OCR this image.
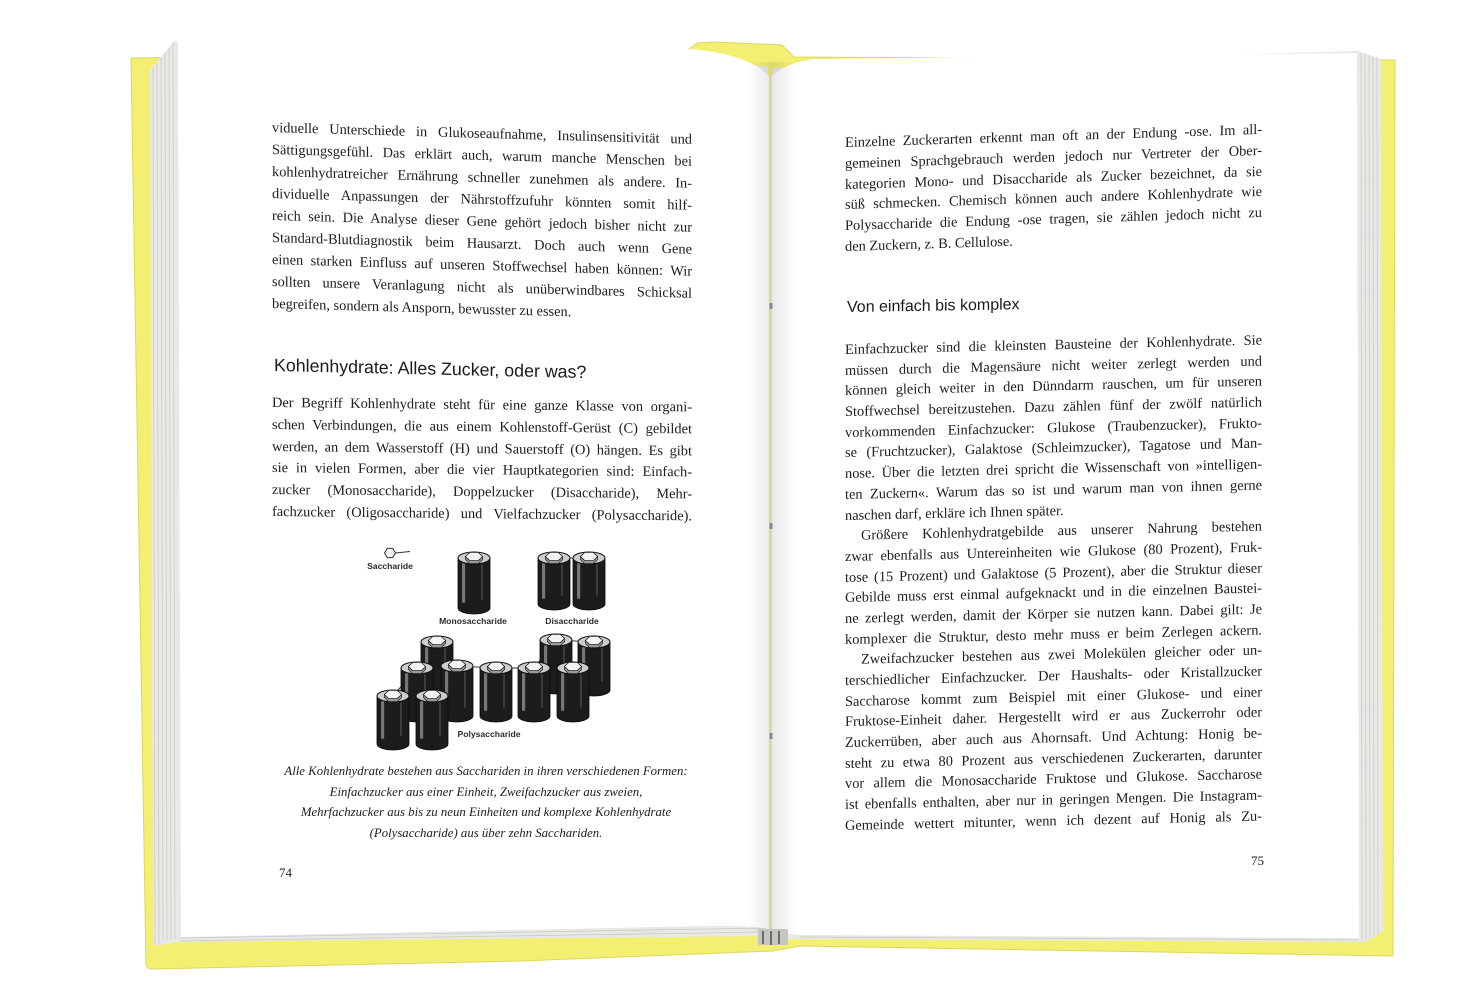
Saccharide
Monosaccharide	Disaccharide
Polysaccharide
viduelle Unterschiede in Glukoseaufnahme, Insulinsensitivität und
Sättigungsgefühl. Das erklärt auch, warum manche Menschen bei
kohlenhydratreicher Ernährung schneller zunehmen als andere. In-
dividuelle Anpassungen der Nährstoffzufuhr könnten somit hilf-
reich sein. Die Analyse dieser Gene gehört jedoch bisher nicht zur
Standard-Blutdiagnostik beim Hausarzt. Doch auch wenn Gene
einen starken Einfluss auf unseren Stoffwechsel haben können: Wir
sollten unsere Veranlagung nicht als unüberwindbares Schicksal
begreifen, sondern als Ansporn, bewusster zu essen.
Kohlenhydrate: Alles Zucker, oder was?
Der Begriff Kohlenhydrate steht für eine ganze Klasse von organi-
schen Verbindungen, die aus einem Kohlenstoff-Gerüst (C) gebildet
werden, an dem Wasserstoff (H) und Sauerstoff (O) hängen. Es gibt
sie in vielen Formen, aber die vier Hauptkategorien sind: Einfach-
zucker (Monosaccharide), Doppelzucker (Disaccharide), Mehr-
fachzucker (Oligosaccharide) und Vielfachzucker (Polysaccharide).
Alle Kohlenhydrate bestehen aus Sacchariden in ihren verschiedenen Formen:
Einfachzucker aus einer Einheit, Zweifachzucker aus zweien,
Mehrfachzucker aus bis zu neun Einheiten und komplexe Kohlenhydrate
(Polysaccharide) aus über zehn Sacchariden.
74
Einzelne Zuckerarten erkennt man oft an der Endung -ose. Im all-
gemeinen Sprachgebrauch werden jedoch nur Vertreter der Ober-
kategorien Mono- und Disaccharide als Zucker bezeichnet, da sie
süß schmecken. Chemisch können auch andere Kohlenhydrate wie
Polysaccharide die Endung -ose tragen, sie zählen jedoch nicht zu
den Zuckern, z. B. Cellulose.
Von einfach bis komplex
Einfachzucker sind die kleinsten Bausteine der Kohlenhydrate. Sie
müssen durch die Magensäure nicht weiter zerlegt werden und
können gleich weiter in den Dünndarm rauschen, um für unseren
Stoffwechsel bereitzustehen. Dazu zählen fünf der zwölf natürlich
vorkommenden Einfachzucker: Glukose (Traubenzucker), Frukto-
se (Fruchtzucker), Galaktose (Schleimzucker), Tagatose und Man-
nose. Über die letzten drei spricht die Wissenschaft von »intelligen-
ten Zuckern«. Warum das so ist und warum man von ihnen gerne
naschen darf, erkläre ich Ihnen später.
Größere Kohlenhydratgebilde aus unserer Nahrung bestehen
zwar ebenfalls aus Untereinheiten wie Glukose (80 Prozent), Fruk-
tose (15 Prozent) und Galaktose (5 Prozent), aber die Struktur dieser
Gebilde muss erst einmal aufgeknackt und in die einzelnen Baustei-
ne zerlegt werden, damit der Körper sie nutzen kann. Dabei gilt: Je
komplexer die Struktur, desto mehr muss er beim Zerlegen ackern.
Zweifachzucker bestehen aus zwei Molekülen gleicher oder un-
terschiedlicher Einfachzucker. Der Haushalts- oder Kristallzucker
Saccharose kommt zum Beispiel mit einer Glukose- und einer
Fruktose-Einheit daher. Hergestellt wird er aus Zuckerrohr oder
Zuckerrüben, aber auch aus Ahornsaft. Und Achtung: Honig be-
steht zu etwa 80 Prozent aus verschiedenen Zuckerarten, darunter
vor allem die Monosaccharide Fruktose und Glukose. Saccharose
ist ebenfalls enthalten, aber nur in geringen Mengen. Die Instagram-
Gemeinde wettert mitunter, wenn ich dezent auf Honig als Zu-
75
